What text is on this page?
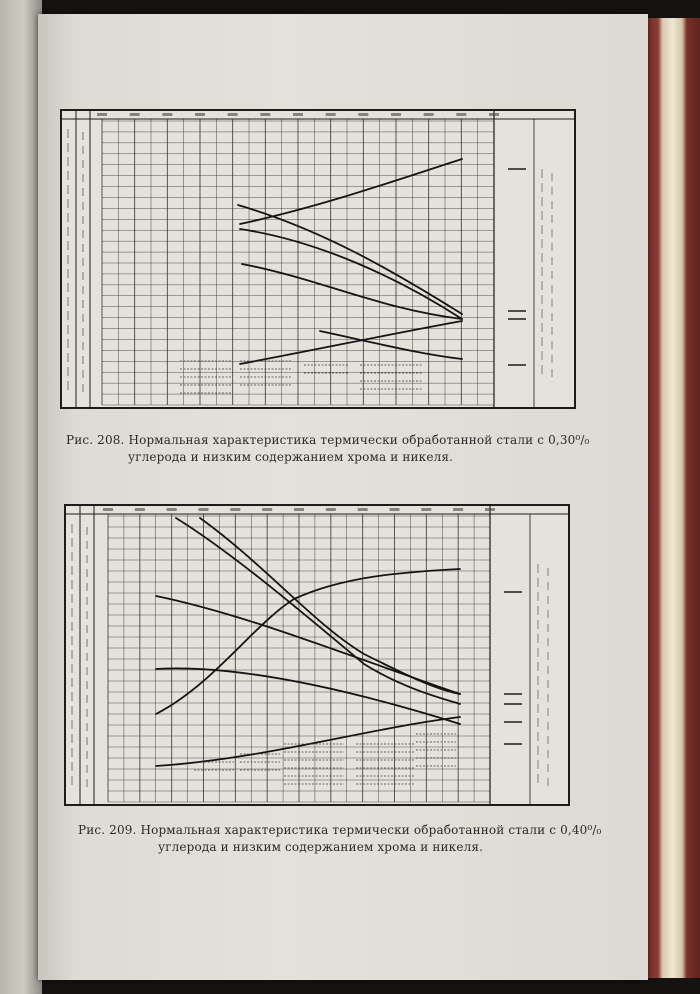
Рис. 208. Нормальная характеристика термически обработанной стали с 0,30⁰/₀
углерода и низким содержанием хрома и никеля.
Рис. 209. Нормальная характеристика термически обработанной стали с 0,40⁰/₀
углерода и низким содержанием хрома и никеля.
